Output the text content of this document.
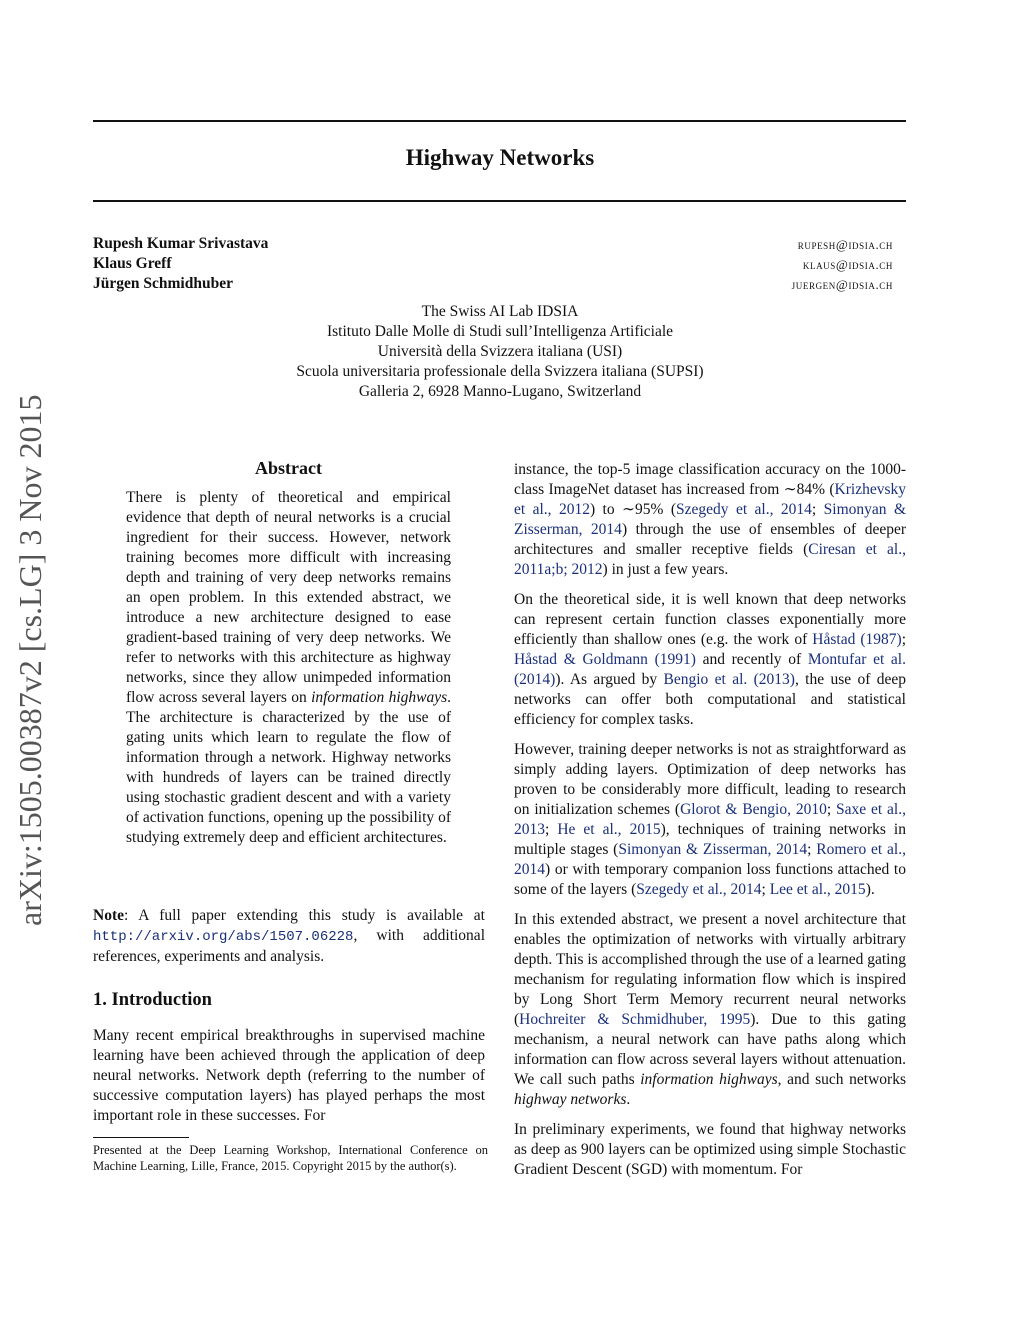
Highway Networks
Rupesh Kumar Srivastava	rupesh@idsia.ch
Klaus Greff	klaus@idsia.ch
Jürgen Schmidhuber	juergen@idsia.ch
The Swiss AI Lab IDSIA
Istituto Dalle Molle di Studi sull’Intelligenza Artificiale
Università della Svizzera italiana (USI)
Scuola universitaria professionale della Svizzera italiana (SUPSI)
Galleria 2, 6928 Manno-Lugano, Switzerland
arXiv:1505.00387v2 [cs.LG] 3 Nov 2015	Abstract
There is plenty of theoretical and empirical evidence that depth of neural networks is a crucial ingredient for their success. However, network training becomes more difficult with increasing depth and training of very deep networks remains an open problem. In this extended abstract, we introduce a new architecture designed to ease gradient-based training of very deep networks. We refer to networks with this architecture as highway networks, since they allow unimpeded information flow across several layers on information highways. The architecture is characterized by the use of gating units which learn to regulate the flow of information through a network. Highway networks with hundreds of layers can be trained directly using stochastic gradient descent and with a variety of activation functions, opening up the possibility of studying extremely deep and efficient architectures.
Note: A full paper extending this study is available at http://arxiv.org/abs/1507.06228, with additional references, experiments and analysis.
1. Introduction
Many recent empirical breakthroughs in supervised machine learning have been achieved through the application of deep neural networks. Network depth (referring to the number of successive computation layers) has played perhaps the most important role in these successes. For
Presented at the Deep Learning Workshop, International Conference on Machine Learning, Lille, France, 2015. Copyright 2015 by the author(s).

instance, the top-5 image classification accuracy on the 1000-class ImageNet dataset has increased from ∼84% (Krizhevsky et al., 2012) to ∼95% (Szegedy et al., 2014; Simonyan & Zisserman, 2014) through the use of ensembles of deeper architectures and smaller receptive fields (Ciresan et al., 2011a;b; 2012) in just a few years.

On the theoretical side, it is well known that deep networks can represent certain function classes exponentially more efficiently than shallow ones (e.g. the work of Håstad (1987); Håstad & Goldmann (1991) and recently of Montufar et al. (2014)). As argued by Bengio et al. (2013), the use of deep networks can offer both computational and statistical efficiency for complex tasks.

However, training deeper networks is not as straightforward as simply adding layers. Optimization of deep networks has proven to be considerably more difficult, leading to research on initialization schemes (Glorot & Bengio, 2010; Saxe et al., 2013; He et al., 2015), techniques of training networks in multiple stages (Simonyan & Zisserman, 2014; Romero et al., 2014) or with temporary companion loss functions attached to some of the layers (Szegedy et al., 2014; Lee et al., 2015).

In this extended abstract, we present a novel architecture that enables the optimization of networks with virtually arbitrary depth. This is accomplished through the use of a learned gating mechanism for regulating information flow which is inspired by Long Short Term Memory recurrent neural networks (Hochreiter & Schmidhuber, 1995). Due to this gating mechanism, a neural network can have paths along which information can flow across several layers without attenuation. We call such paths information highways, and such networks highway networks.

In preliminary experiments, we found that highway networks as deep as 900 layers can be optimized using simple Stochastic Gradient Descent (SGD) with momentum. For
